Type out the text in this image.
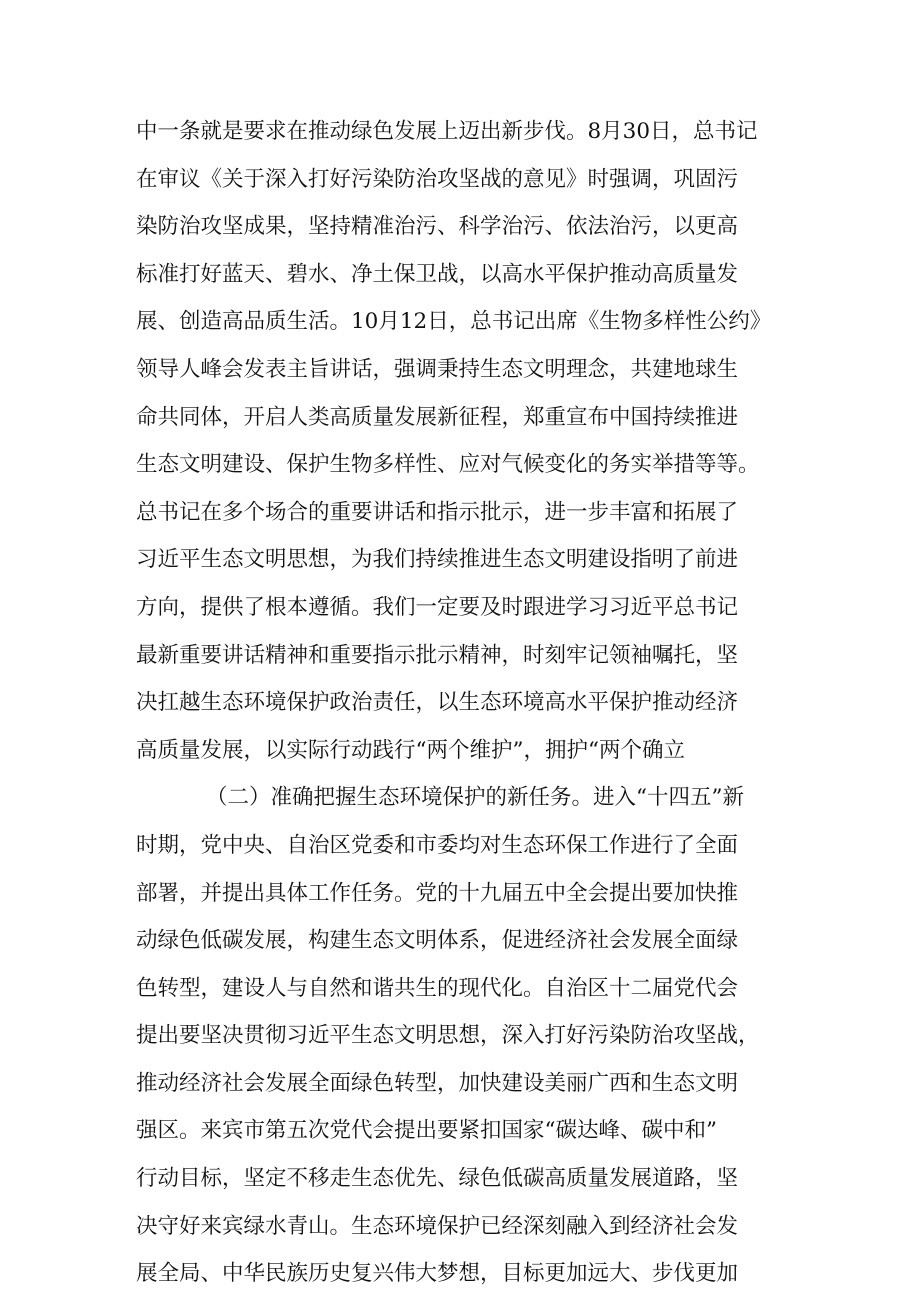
中一条就是要求在推动绿色发展上迈出新步伐。8月30日，总书记
在审议《关于深入打好污染防治攻坚战的意见》时强调，巩固污
染防治攻坚成果，坚持精准治污、科学治污、依法治污，以更高
标准打好蓝天、碧水、净土保卫战，以高水平保护推动高质量发
展、创造高品质生活。10月12日，总书记出席《生物多样性公约》
领导人峰会发表主旨讲话，强调秉持生态文明理念，共建地球生
命共同体，开启人类高质量发展新征程，郑重宣布中国持续推进
生态文明建设、保护生物多样性、应对气候变化的务实举措等等。
总书记在多个场合的重要讲话和指示批示，进一步丰富和拓展了
习近平生态文明思想，为我们持续推进生态文明建设指明了前进
方向，提供了根本遵循。我们一定要及时跟进学习习近平总书记
最新重要讲话精神和重要指示批示精神，时刻牢记领袖嘱托，坚
决扛越生态环境保护政治责任，以生态环境高水平保护推动经济
高质量发展，以实际行动践行“两个维护”，拥护“两个确立
（二）准确把握生态环境保护的新任务。进入“十四五”新
时期，党中央、自治区党委和市委均对生态环保工作进行了全面
部署，并提出具体工作任务。党的十九届五中全会提出要加快推
动绿色低碳发展，构建生态文明体系，促进经济社会发展全面绿
色转型，建设人与自然和谐共生的现代化。自治区十二届党代会
提出要坚决贯彻习近平生态文明思想，深入打好污染防治攻坚战，
推动经济社会发展全面绿色转型，加快建设美丽广西和生态文明
强区。来宾市第五次党代会提出要紧扣国家“碳达峰、碳中和”
行动目标，坚定不移走生态优先、绿色低碳高质量发展道路，坚
决守好来宾绿水青山。生态环境保护已经深刻融入到经济社会发
展全局、中华民族历史复兴伟大梦想，目标更加远大、步伐更加
